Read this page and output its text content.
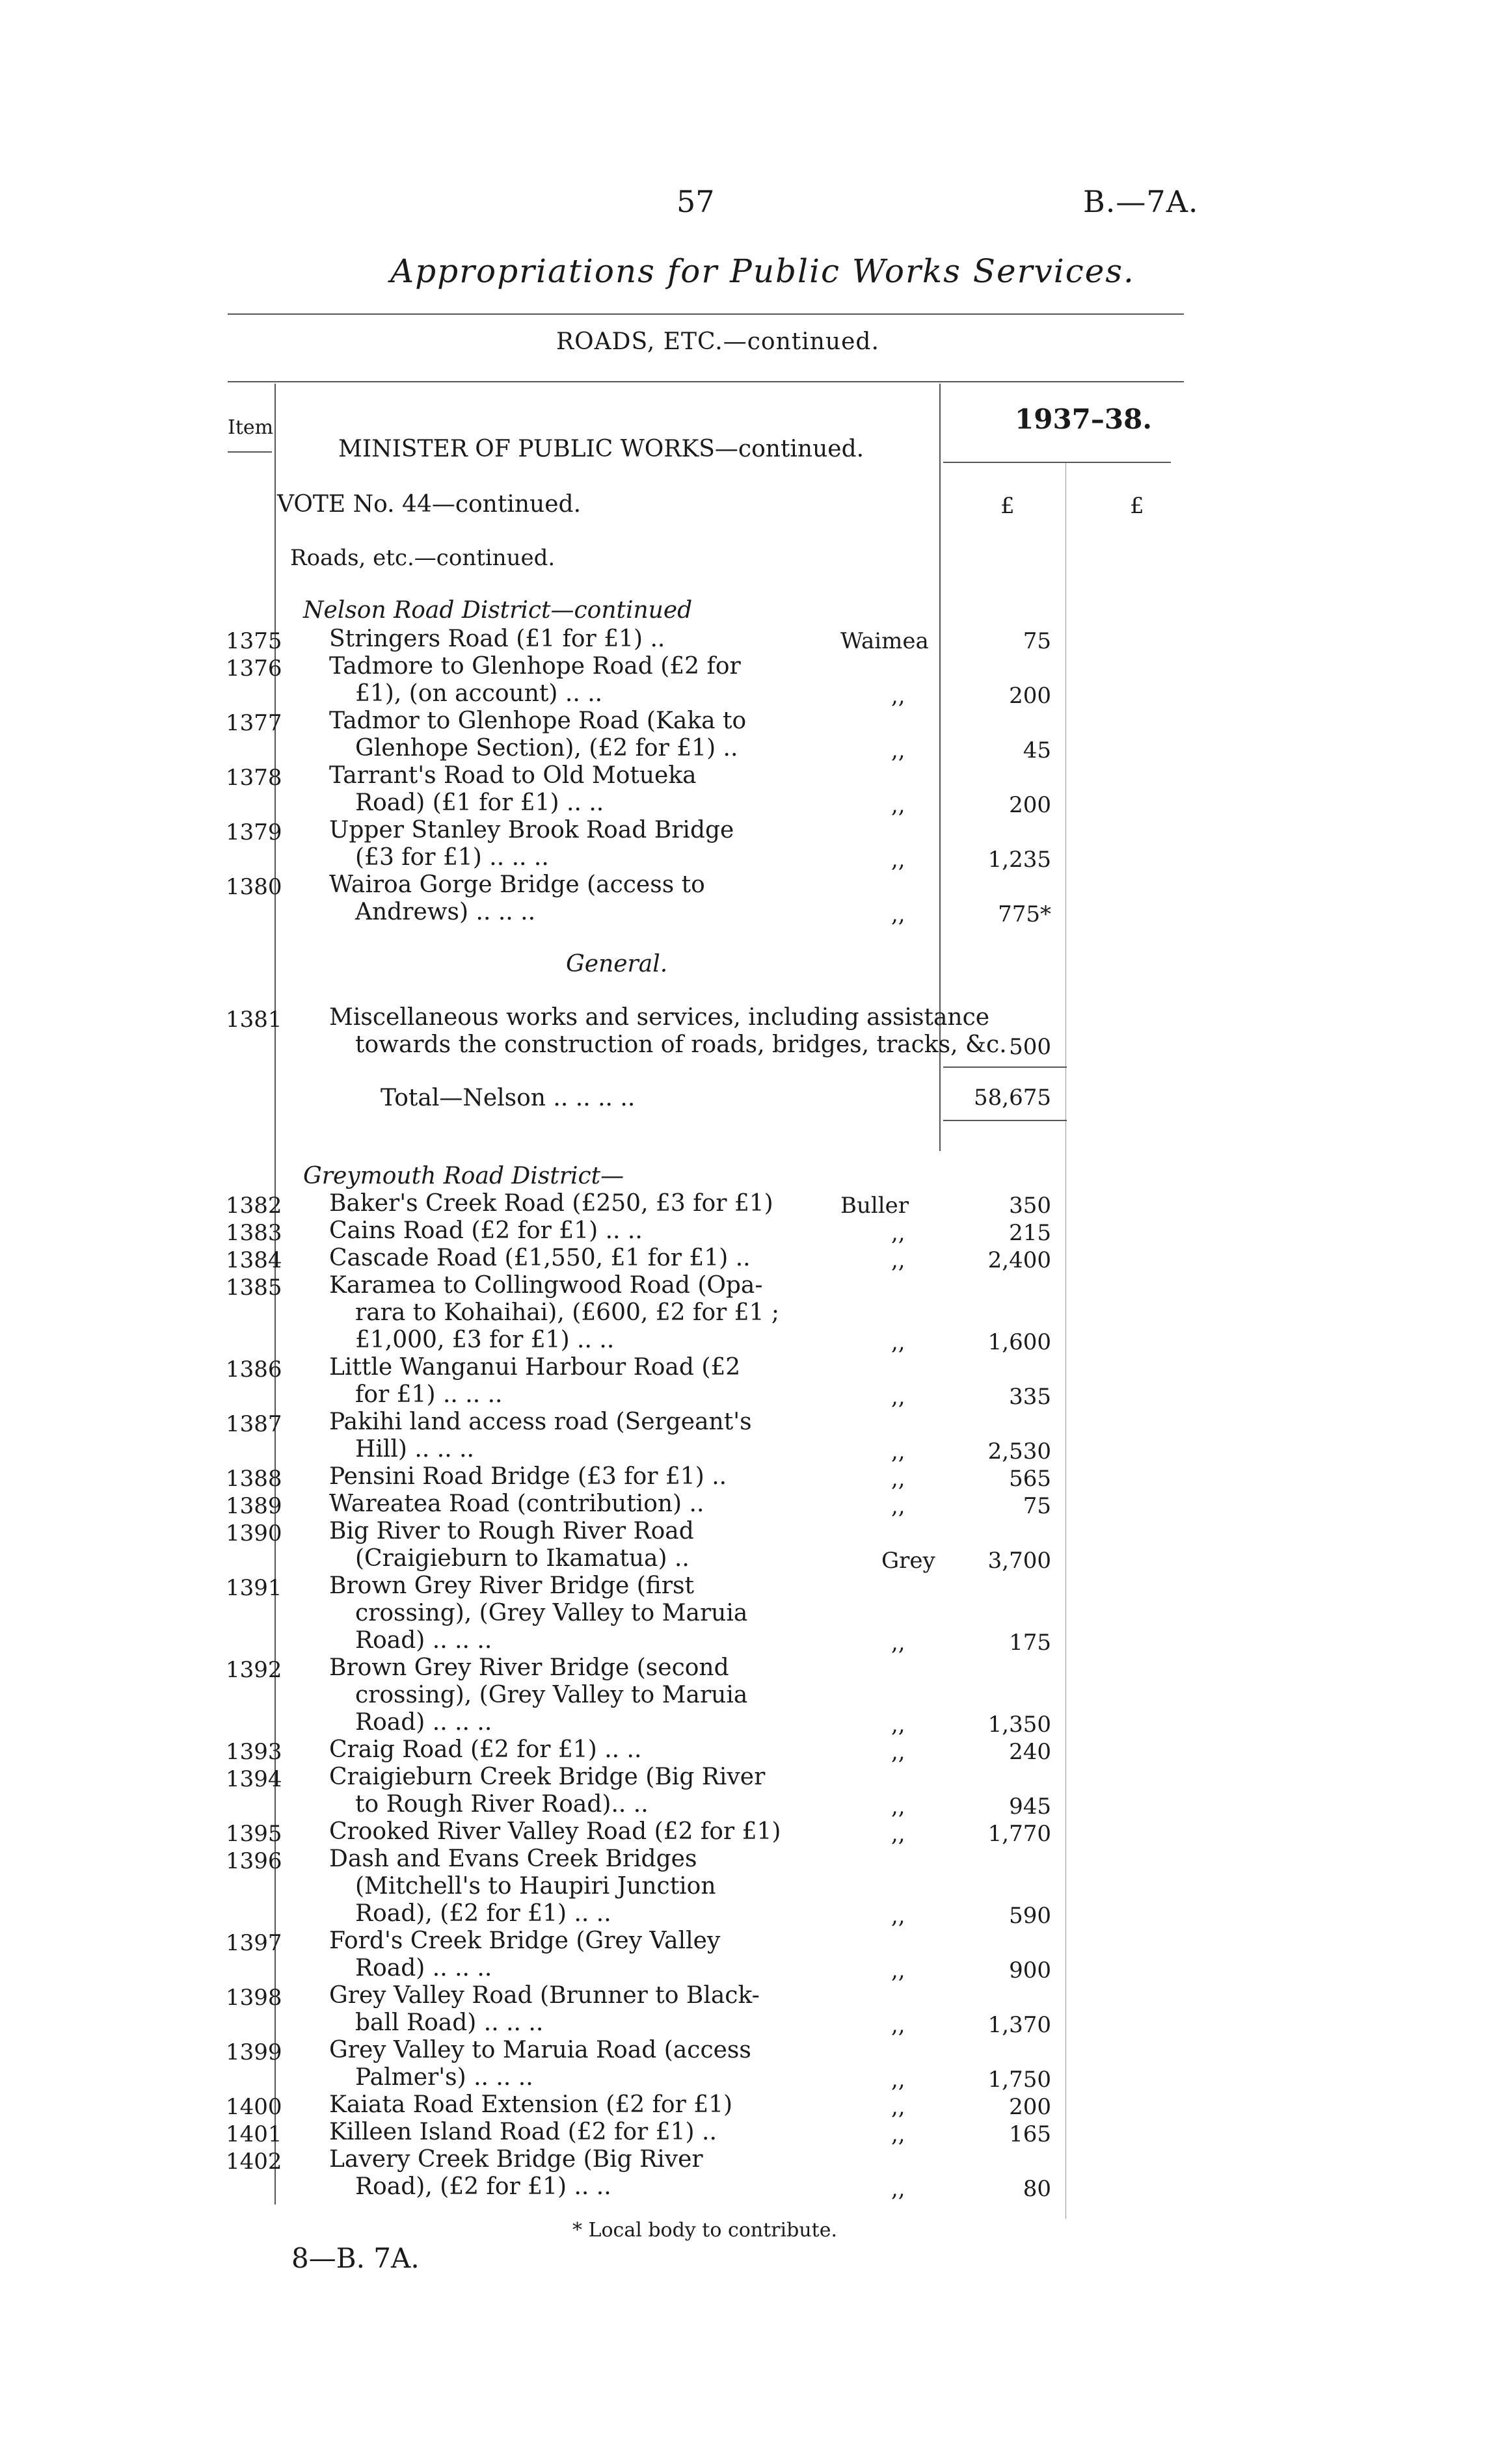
57	B.—7A.
Appropriations for Public Works Services.
ROADS, ETC.—continued.
Item	1937–38.
MINISTER OF PUBLIC WORKS—continued.
£	£
VOTE No. 44—continued.
Roads, etc.—continued.
Nelson Road District—continued
1375 Stringers Road (£1 for £1) ..	Waimea	75
1376 Tadmore to Glenhope Road (£2 for
£1), (on account) .. ..	,,	200
1377 Tadmor to Glenhope Road (Kaka to
Glenhope Section), (£2 for £1) ..	,,	45
1378 Tarrant's Road to Old Motueka
Road) (£1 for £1) .. ..	,,	200
1379 Upper Stanley Brook Road Bridge
(£3 for £1) .. .. ..	,,	1,235
1380 Wairoa Gorge Bridge (access to
Andrews) .. .. ..	,,	775*
General.
1381 Miscellaneous works and services, including assistance
towards the construction of roads, bridges, tracks, &c. 500
Total—Nelson .. .. .. ..	58,675
Greymouth Road District—
1382 Baker's Creek Road (£250, £3 for £1)	Buller	350
1383 Cains Road (£2 for £1) .. ..	,,	215
1384 Cascade Road (£1,550, £1 for £1) ..	,,	2,400
1385 Karamea to Collingwood Road (Opa-
rara to Kohaihai), (£600, £2 for £1 ;
£1,000, £3 for £1) .. ..	,,	1,600
1386 Little Wanganui Harbour Road (£2
for £1) .. .. ..	,,	335
1387 Pakihi land access road (Sergeant's
Hill) .. .. ..	,,	2,530
1388 Pensini Road Bridge (£3 for £1) ..	,,	565
1389 Wareatea Road (contribution) ..	,,	75
1390 Big River to Rough River Road
(Craigieburn to Ikamatua) ..	Grey 3,700
1391 Brown Grey River Bridge (first
crossing), (Grey Valley to Maruia
Road) .. .. ..	,,	175
1392 Brown Grey River Bridge (second
crossing), (Grey Valley to Maruia
Road) .. .. ..	,,	1,350
1393 Craig Road (£2 for £1) .. ..	,,	240
1394 Craigieburn Creek Bridge (Big River
to Rough River Road).. ..	,,	945
1395 Crooked River Valley Road (£2 for £1)	,,	1,770
1396 Dash and Evans Creek Bridges
(Mitchell's to Haupiri Junction
Road), (£2 for £1) .. ..	,,	590
1397 Ford's Creek Bridge (Grey Valley
Road) .. .. ..	,,	900
1398 Grey Valley Road (Brunner to Black-
ball Road) .. .. ..	,,	1,370
1399 Grey Valley to Maruia Road (access
Palmer's) .. .. ..	,,	1,750
1400 Kaiata Road Extension (£2 for £1)	,,	200
1401 Killeen Island Road (£2 for £1) ..	,,	165
1402 Lavery Creek Bridge (Big River
Road), (£2 for £1) .. ..	,,	80
* Local body to contribute.
8—B. 7A.
